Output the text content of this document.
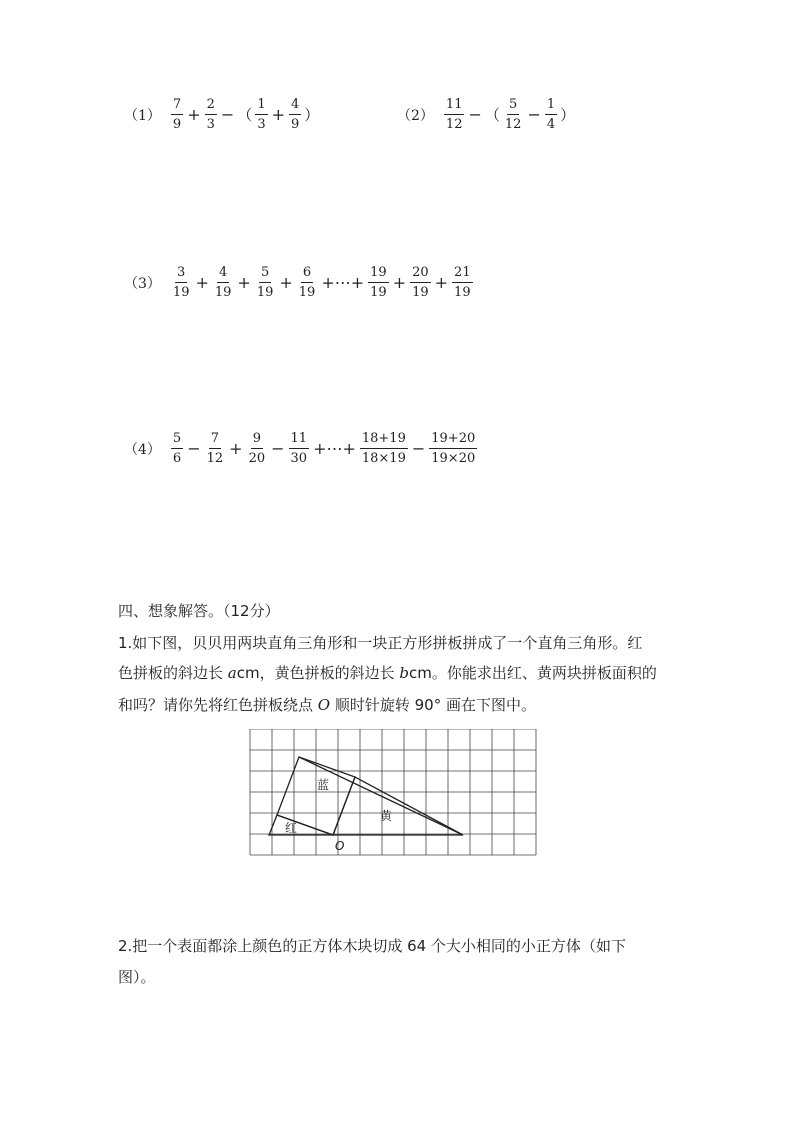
$(1) \frac{7}{9} + \frac{2}{3}$ − （ $\frac{1}{3} + \frac{4}{9}$ ）	$(2) \frac{11}{12}$ − （ $\frac{5}{12} - \frac{1}{4}$ ）
$(3) \frac{3}{19} + \frac{4}{19} + \frac{5}{19} + \frac{6}{19}$ +⋯+ $\frac{19}{19} + \frac{20}{19} + \frac{21}{19}$
$(4) \frac{5}{6} - \frac{7}{12} + \frac{9}{20} - \frac{11}{30}$ +⋯+ $\frac{18+19}{18\times 19} - \frac{19+20}{19\times 20}$
四、想象解答。（12分）
1.如下图，贝贝用两块直角三角形和一块正方形拼板拼成了一个直角三角形。红
色拼板的斜边长 acm，黄色拼板的斜边长 bcm。你能求出红、黄两块拼板面积的
和吗？请你先将红色拼板绕点 O 顺时针旋转 90° 画在下图中。
蓝
红
黄
O
2.把一个表面都涂上颜色的正方体木块切成 64 个大小相同的小正方体（如下
图）。
